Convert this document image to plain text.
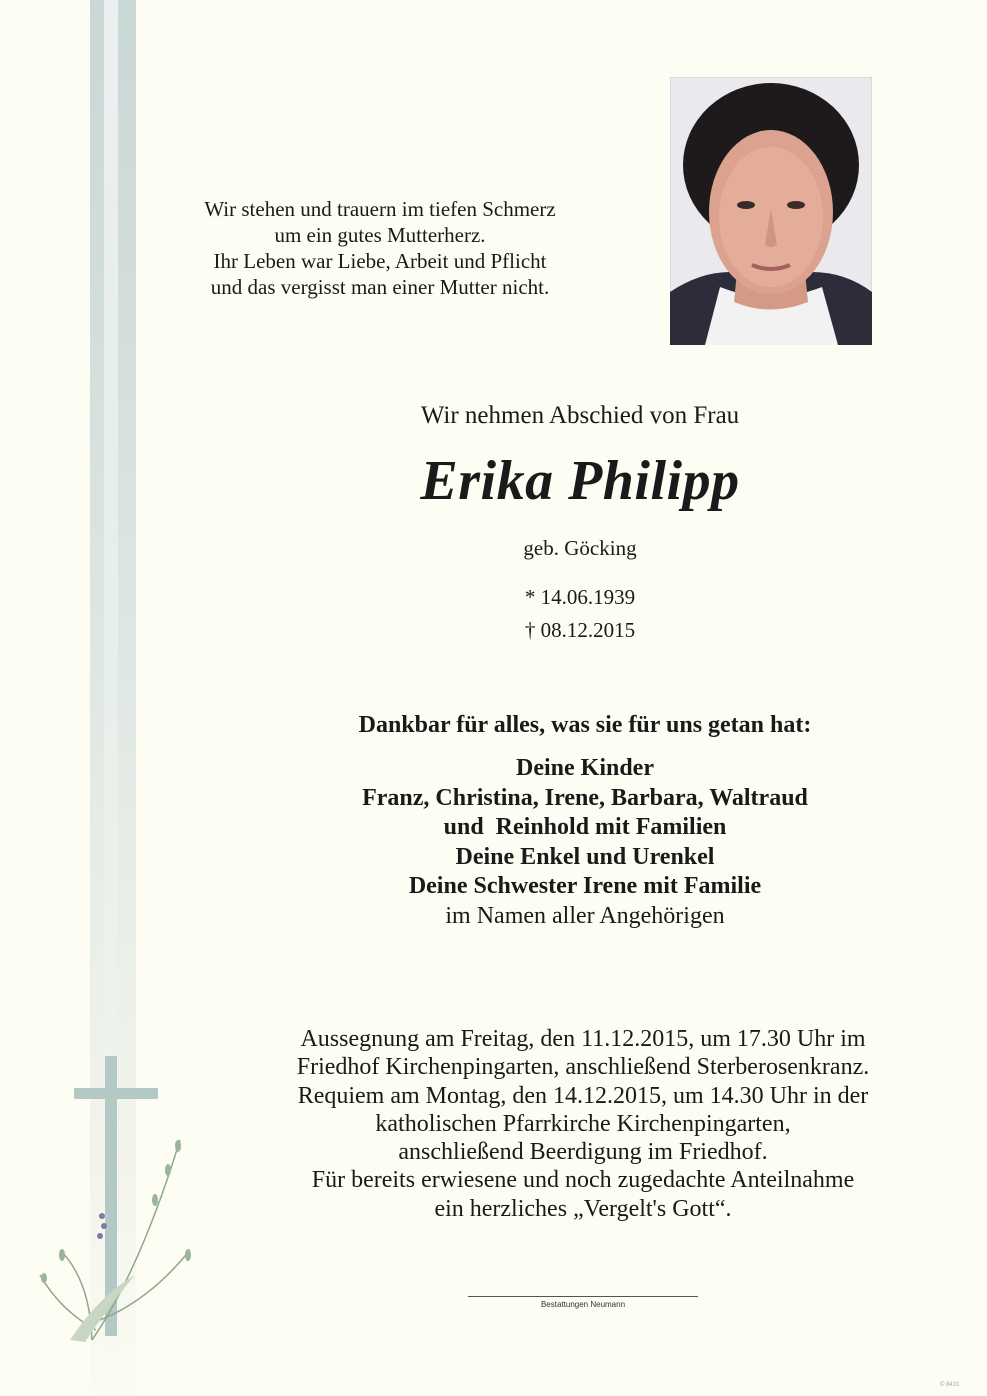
Wir stehen und trauern im tiefen Schmerz
um ein gutes Mutterherz.
Ihr Leben war Liebe, Arbeit und Pflicht
und das vergisst man einer Mutter nicht.
Wir nehmen Abschied von Frau
Erika Philipp
geb. Göcking
* 14.06.1939
† 08.12.2015
Dankbar für alles, was sie für uns getan hat:
Deine Kinder
Franz, Christina, Irene, Barbara, Waltraud
und  Reinhold mit Familien
Deine Enkel und Urenkel
Deine Schwester Irene mit Familie
im Namen aller Angehörigen
Aussegnung am Freitag, den 11.12.2015, um 17.30 Uhr im
Friedhof Kirchenpingarten, anschließend Sterberosenkranz.
Requiem am Montag, den 14.12.2015, um 14.30 Uhr in der
katholischen Pfarrkirche Kirchenpingarten,
anschließend Beerdigung im Friedhof.
Für bereits erwiesene und noch zugedachte Anteilnahme
ein herzliches „Vergelt's Gott“.
Bestattungen Neumann
© 8431
